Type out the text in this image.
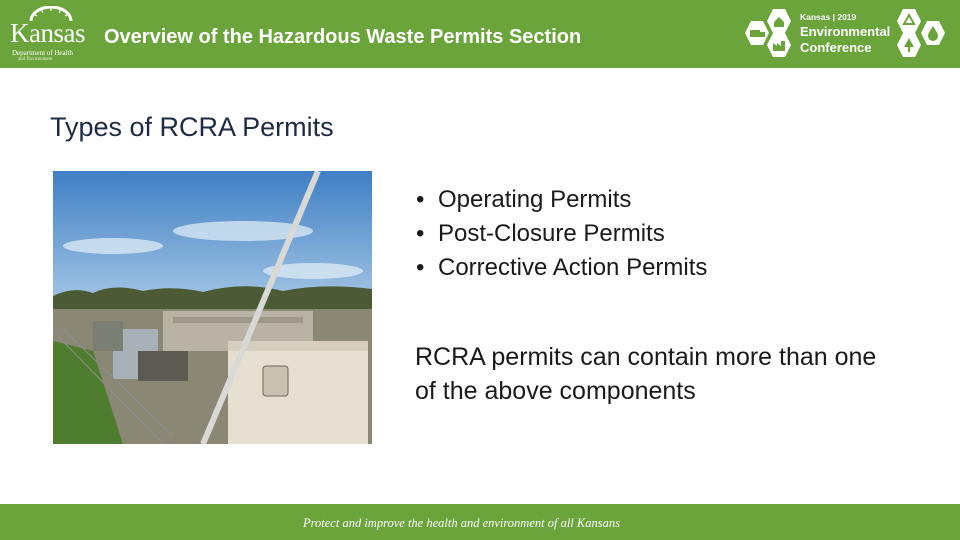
Kansas
Department of Health
and Environment
Overview of the Hazardous Waste Permits Section
Kansas | 2019
Environmental
Conference
Types of RCRA Permits
• Operating Permits
• Post-Closure Permits
• Corrective Action Permits
RCRA permits can contain more than one of the above components
Protect and improve the health and environment of all Kansans
